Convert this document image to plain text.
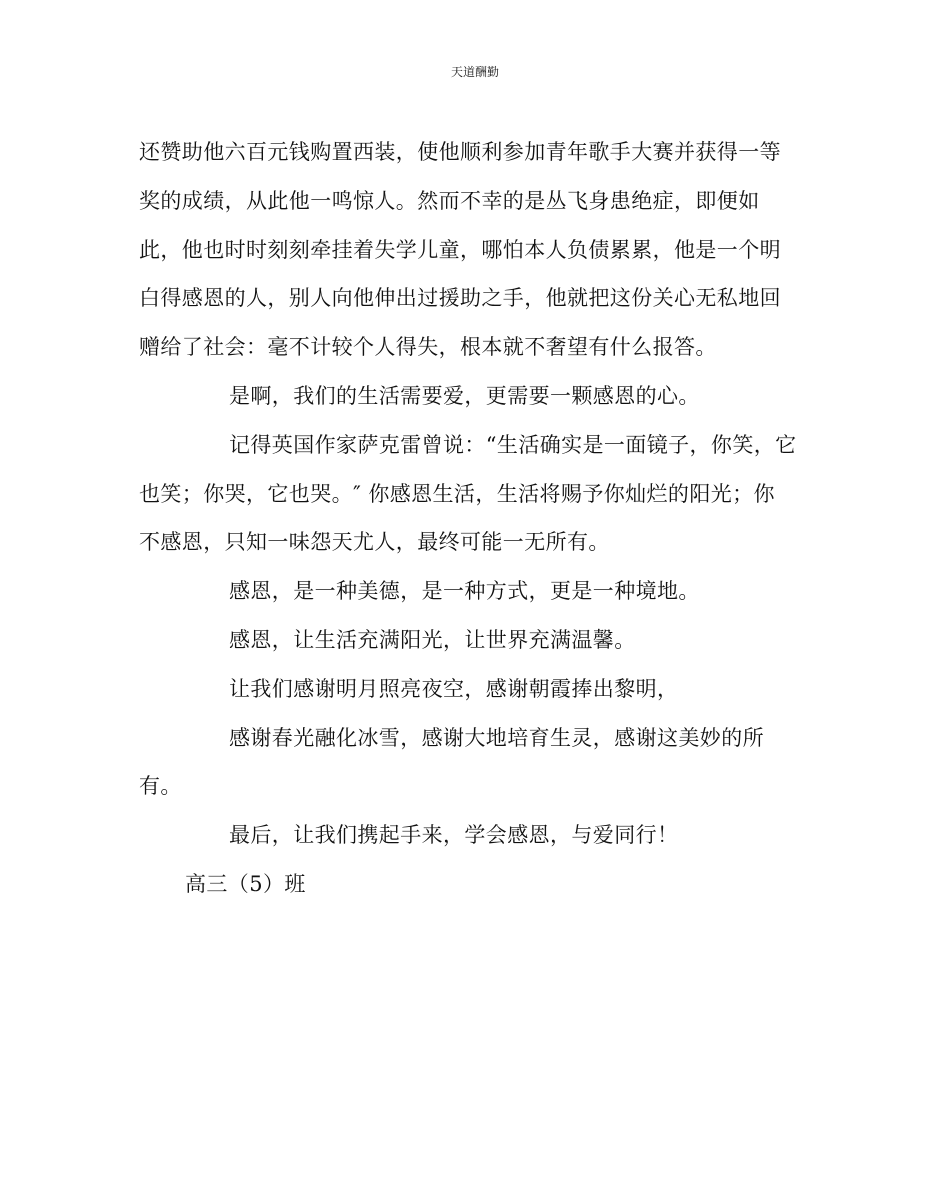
天道酬勤
还赞助他六百元钱购置西装，使他顺利参加青年歌手大赛并获得一等
奖的成绩，从此他一鸣惊人。然而不幸的是丛飞身患绝症，即便如
此，他也时时刻刻牵挂着失学儿童，哪怕本人负债累累，他是一个明
白得感恩的人，别人向他伸出过援助之手，他就把这份关心无私地回
赠给了社会：毫不计较个人得失，根本就不奢望有什么报答。
是啊，我们的生活需要爱，更需要一颗感恩的心。
记得英国作家萨克雷曾说：“生活确实是一面镜子，你笑，它
也笑；你哭，它也哭。″ 你感恩生活，生活将赐予你灿烂的阳光；你
不感恩，只知一味怨天尤人，最终可能一无所有。
感恩，是一种美德，是一种方式，更是一种境地。
感恩，让生活充满阳光，让世界充满温馨。
让我们感谢明月照亮夜空，感谢朝霞捧出黎明，
感谢春光融化冰雪，感谢大地培育生灵，感谢这美妙的所
有。
最后，让我们携起手来，学会感恩，与爱同行！
高三（5）班
